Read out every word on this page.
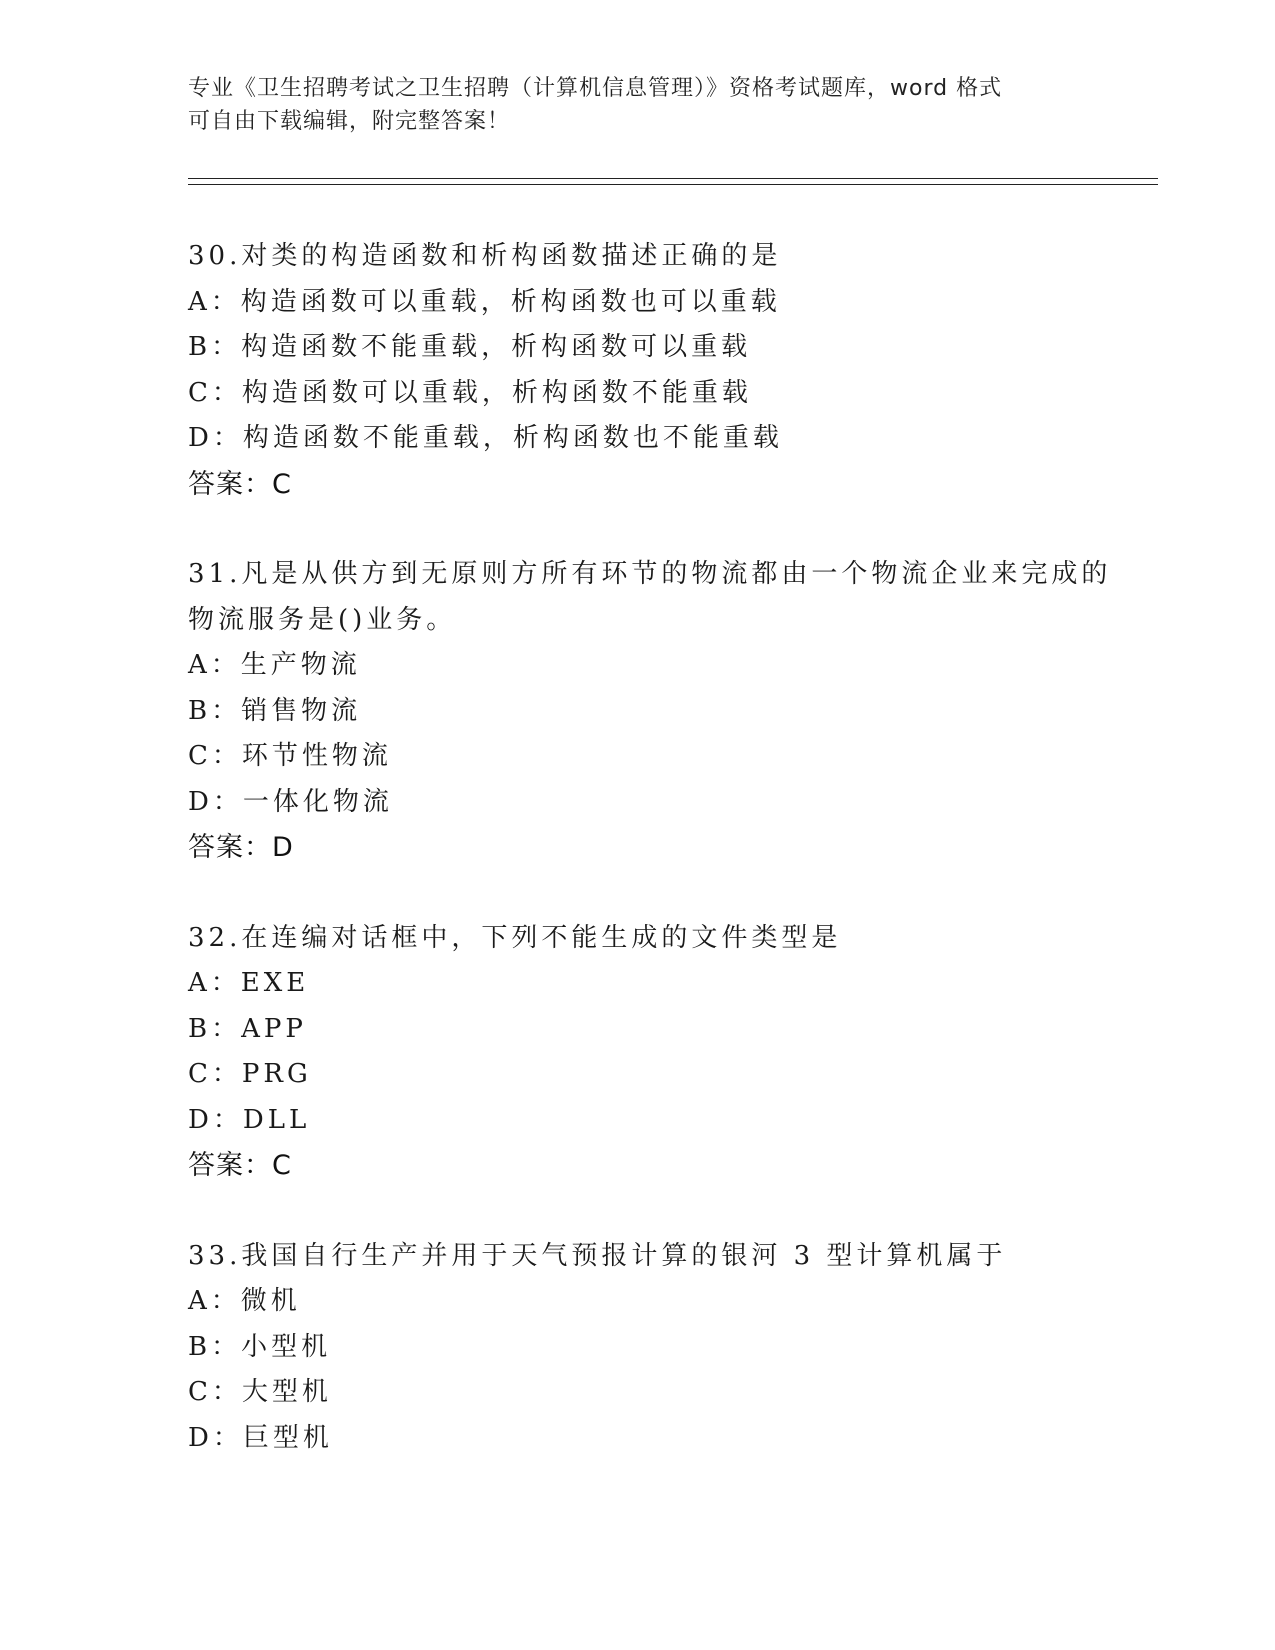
专业《卫生招聘考试之卫生招聘（计算机信息管理）》资格考试题库，word 格式
可自由下载编辑，附完整答案！
30.对类的构造函数和析构函数描述正确的是
A：构造函数可以重载，析构函数也可以重载
B：构造函数不能重载，析构函数可以重载
C：构造函数可以重载，析构函数不能重载
D：构造函数不能重载，析构函数也不能重载
答案：C
31.凡是从供方到无原则方所有环节的物流都由一个物流企业来完成的
物流服务是()业务。
A：生产物流
B：销售物流
C：环节性物流
D：一体化物流
答案：D
32.在连编对话框中，下列不能生成的文件类型是
A：EXE
B：APP
C：PRG
D：DLL
答案：C
33.我国自行生产并用于天气预报计算的银河 3 型计算机属于
A：微机
B：小型机
C：大型机
D：巨型机
